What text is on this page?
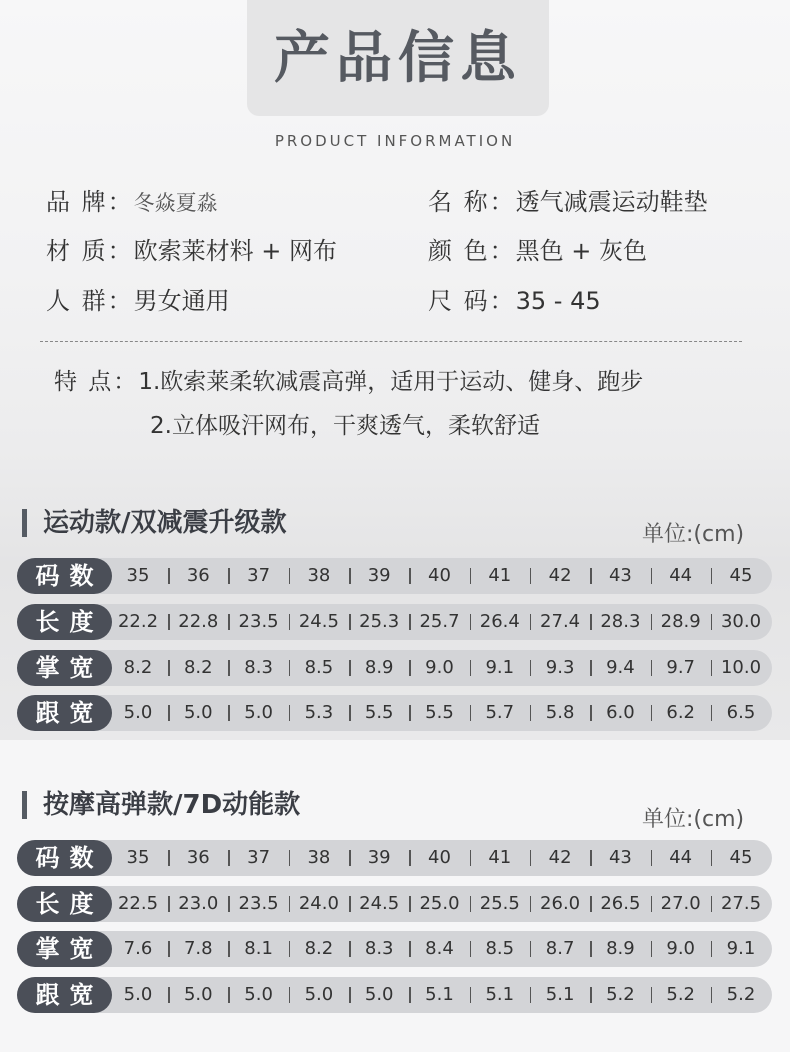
产品信息
PRODUCT INFORMATION
品 牌：冬焱夏淼	名 称：透气减震运动鞋垫
材 质：欧索莱材料 + 网布	颜 色：黑色 + 灰色
人 群：男女通用	尺 码：35 - 45
特 点：1.欧索莱柔软减震高弹，适用于运动、健身、跑步
2.立体吸汗网布，干爽透气，柔软舒适
运动款/双减震升级款	单位:(cm)
码数	35	36	37	38	39	40	41	42	43	44	45
长度 22.2	22.8	23.5	24.5	25.3	25.7	26.4	27.4	28.3	28.9	30.0
掌宽	8.2	8.2	8.3	8.5	8.9	9.0	9.1	9.3	9.4	9.7	10.0
跟宽	5.0	5.0	5.0	5.3	5.5	5.5	5.7	5.8	6.0	6.2	6.5
按摩高弹款/7D动能款	单位:(cm)
码数	35	36	37	38	39	40	41	42	43	44	45
长度 22.5	23.0	23.5	24.0	24.5	25.0	25.5	26.0	26.5	27.0	27.5
掌宽	7.6	7.8	8.1	8.2	8.3	8.4	8.5	8.7	8.9	9.0	9.1
跟宽	5.0	5.0	5.0	5.0	5.0	5.1	5.1	5.1	5.2	5.2	5.2
